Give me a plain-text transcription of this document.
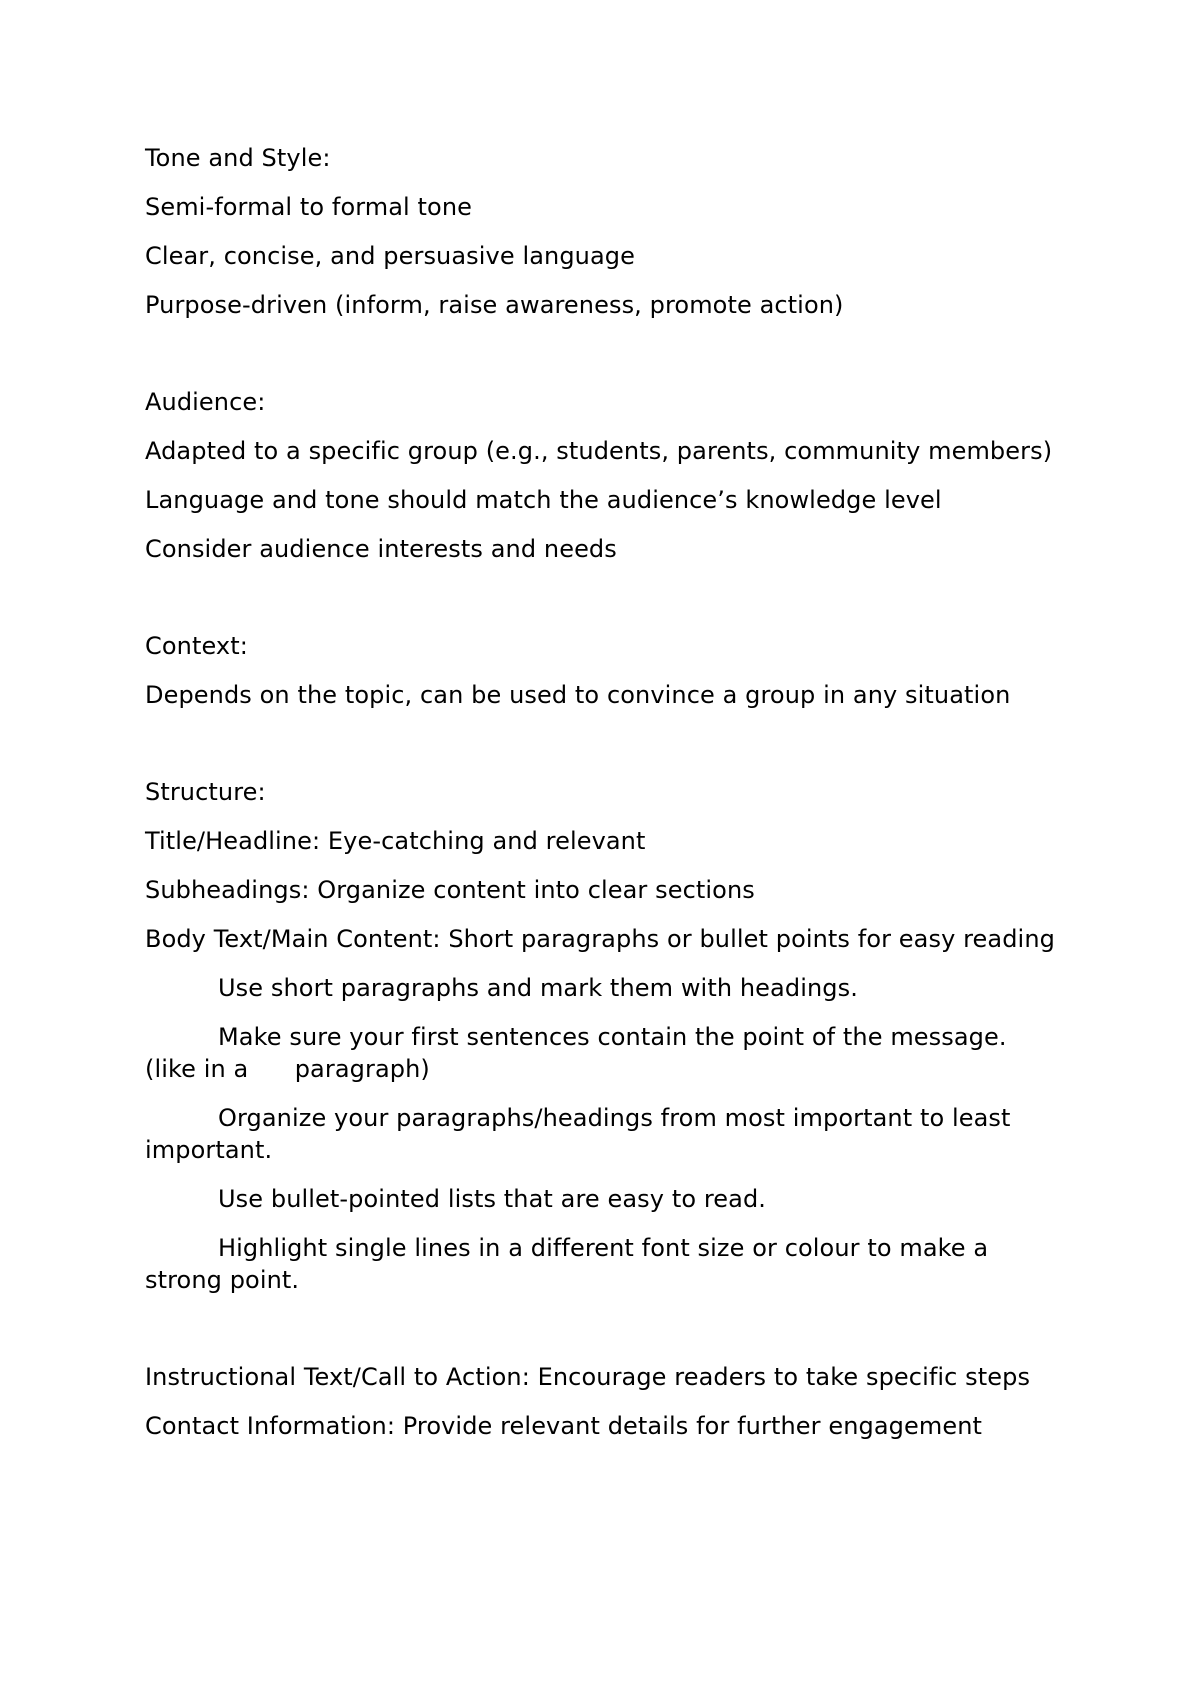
Tone and Style:
Semi-formal to formal tone
Clear, concise, and persuasive language
Purpose-driven (inform, raise awareness, promote action)
Audience:
Adapted to a specific group (e.g., students, parents, community members)
Language and tone should match the audience’s knowledge level
Consider audience interests and needs
Context:
Depends on the topic, can be used to convince a group in any situation
Structure:
Title/Headline: Eye-catching and relevant
Subheadings: Organize content into clear sections
Body Text/Main Content: Short paragraphs or bullet points for easy reading
Use short paragraphs and mark them with headings.
Make sure your first sentences contain the point of the message.
(like in a      paragraph)
Organize your paragraphs/headings from most important to least
important.
Use bullet-pointed lists that are easy to read.
Highlight single lines in a different font size or colour to make a
strong point.
Instructional Text/Call to Action: Encourage readers to take specific steps
Contact Information: Provide relevant details for further engagement
